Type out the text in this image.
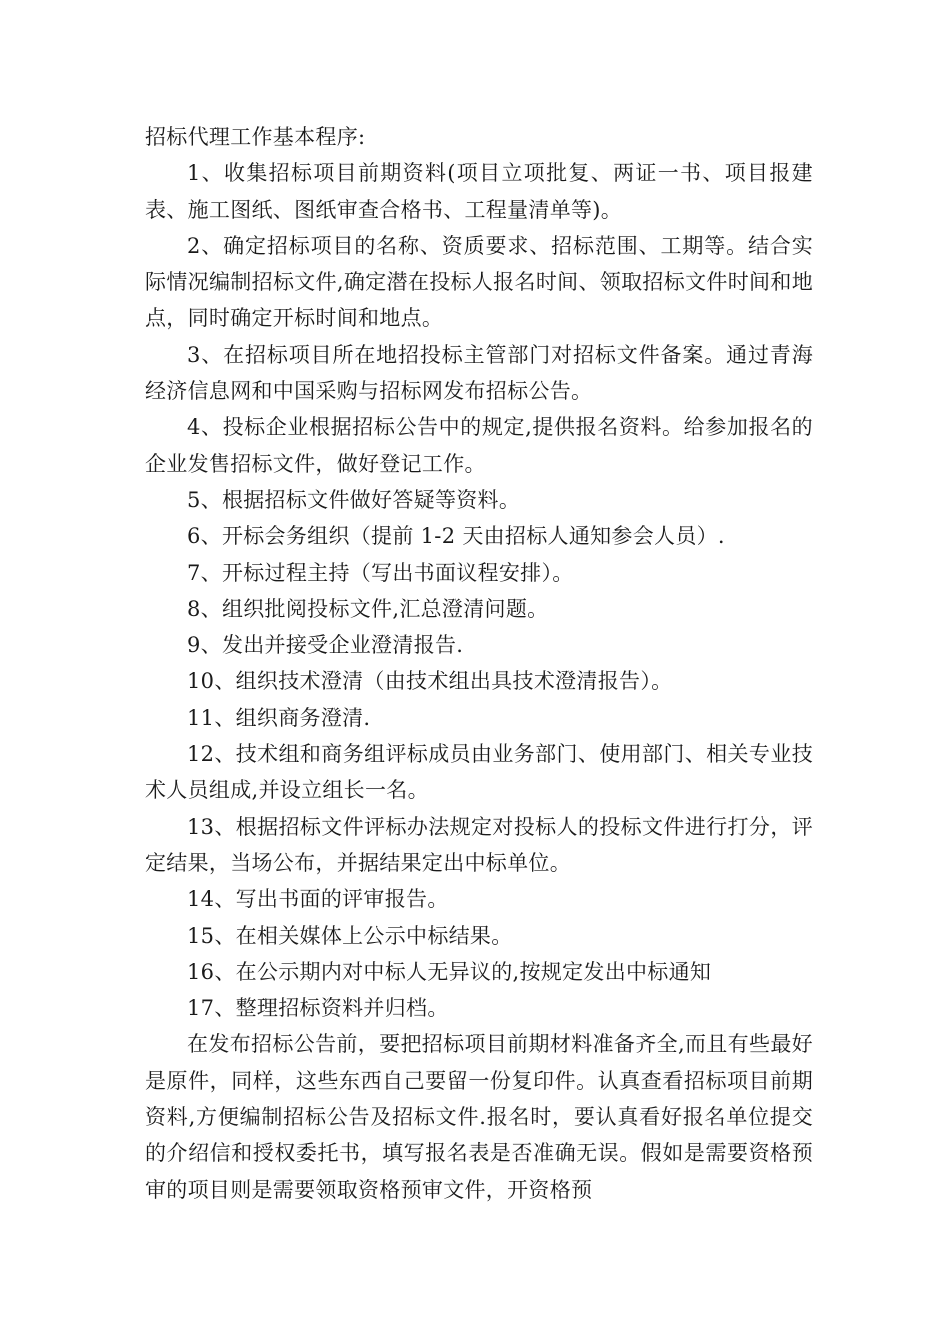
招标代理工作基本程序:

1、收集招标项目前期资料(项目立项批复、两证一书、项目报建表、施工图纸、图纸审查合格书、工程量清单等)。

2、确定招标项目的名称、资质要求、招标范围、工期等。结合实际情况编制招标文件,确定潜在投标人报名时间、领取招标文件时间和地点，同时确定开标时间和地点。

3、在招标项目所在地招投标主管部门对招标文件备案。通过青海经济信息网和中国采购与招标网发布招标公告。

4、投标企业根据招标公告中的规定,提供报名资料。给参加报名的企业发售招标文件，做好登记工作。

5、根据招标文件做好答疑等资料。

6、开标会务组织（提前 1-2 天由招标人通知参会人员）.

7、开标过程主持（写出书面议程安排）。

8、组织批阅投标文件,汇总澄清问题。

9、发出并接受企业澄清报告.

10、组织技术澄清（由技术组出具技术澄清报告）。

11、组织商务澄清.

12、技术组和商务组评标成员由业务部门、使用部门、相关专业技术人员组成,并设立组长一名。

13、根据招标文件评标办法规定对投标人的投标文件进行打分，评定结果，当场公布，并据结果定出中标单位。

14、写出书面的评审报告。

15、在相关媒体上公示中标结果。

16、在公示期内对中标人无异议的,按规定发出中标通知

17、整理招标资料并归档。

在发布招标公告前，要把招标项目前期材料准备齐全,而且有些最好是原件，同样，这些东西自己要留一份复印件。认真查看招标项目前期资料,方便编制招标公告及招标文件.报名时，要认真看好报名单位提交的介绍信和授权委托书，填写报名表是否准确无误。假如是需要资格预审的项目则是需要领取资格预审文件，开资格预
